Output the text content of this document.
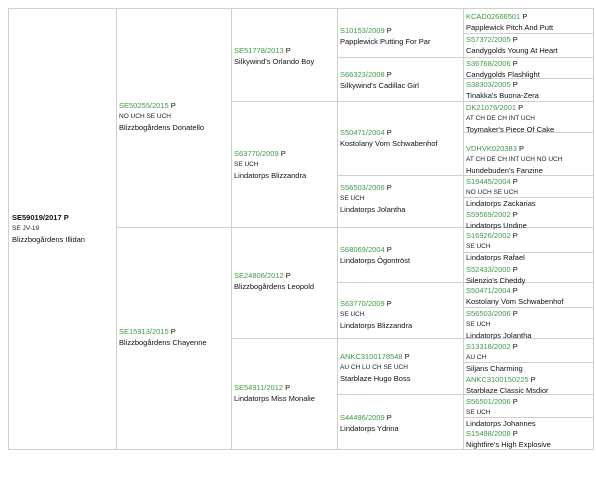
SE59019/2017 P
SE JV-19
Blizzbogårdens Illidan
SE50255/2015 P
NO UCH SE UCH
Blizzbogårdens Donatello
SE15913/2015 P
Blizzbogårdens Chayenne
SE51778/2013 P
Silkywind's Orlando Boy
S63770/2009 P
SE UCH
Lindatorps Blizzandra
SE24806/2012 P
Blizzbogårdens Leopold
SE54911/2012 P
Lindatorps Miss Monalie
S10153/2009 P
Papplewick Putting For Par
S66323/2008 P
Silkywind's Cadillac Girl
S50471/2004 P
Kostolany Vom Schwabenhof
S56503/2006 P
SE UCH
Lindatorps Jolantha
S68069/2004 P
Lindatorps Ögontröst
S63770/2009 P
SE UCH
Lindatorps Blizzandra
ANKC3100178548 P
AU CH LU CH SE UCH
Starblaze Hugo Boss
S44496/2009 P
Lindatorps Ydrina
KCAD02666501 P
Papplewick Pitch And Putt
S57372/2005 P
Candygolds Young At Heart
S36768/2006 P
Candygolds Flashlight
S38303/2005 P
Tinakka's Buona-Zera
DK21076/2001 P
AT CH DE CH INT UCH
Toymaker's Piece Of Cake
VDHVK020383 P
AT CH DE CH INT UCH NO UCH
Hundebuden's Fanzine
S19445/2004 P
NO UCH SE UCH
Lindatorps Zackarias
S59569/2002 P
Lindatorps Undine
S16926/2002 P
SE UCH
Lindatorps Rafael
S52433/2000 P
Silenzio's Cheddy
S50471/2004 P
Kostolany Vom Schwabenhof
S56503/2006 P
SE UCH
Lindatorps Jolantha
S13318/2002 P
AU CH
Siljans Charming
ANKC3100150225 P
Starblaze Classic Msdior
S56501/2006 P
SE UCH
Lindatorps Johannes
S15498/2008 P
Nightfire's High Explosive
